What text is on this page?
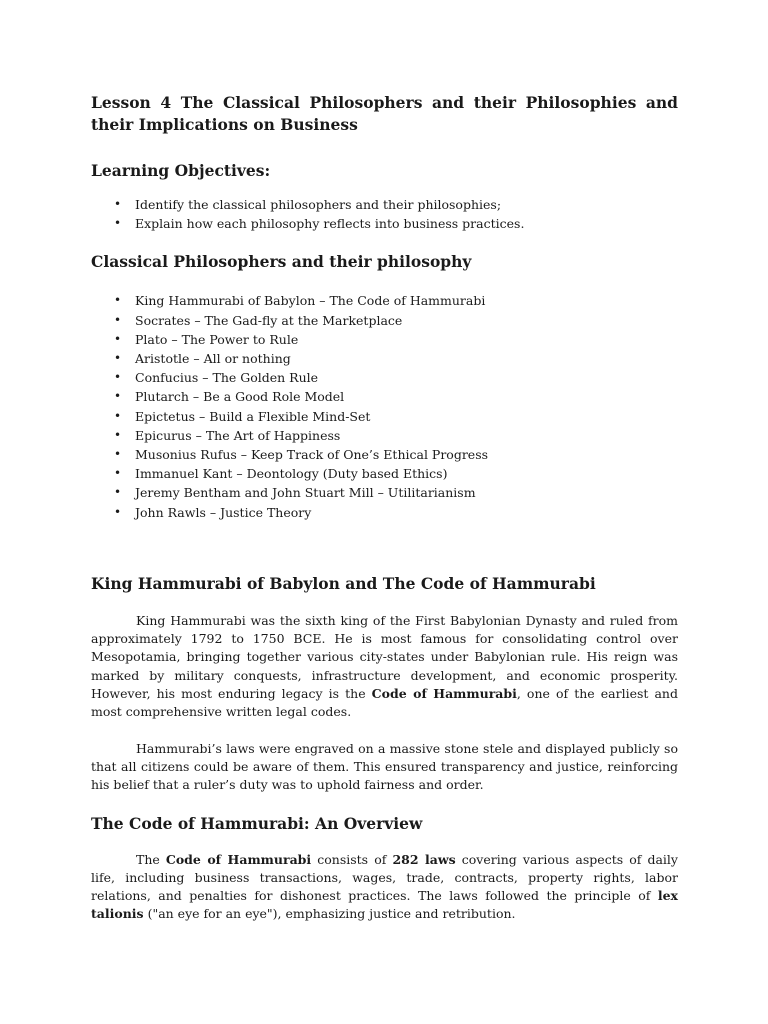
Lesson 4 The Classical Philosophers and their Philosophies and their Implications on Business
Learning Objectives:
• Identify the classical philosophers and their philosophies;
• Explain how each philosophy reflects into business practices.
Classical Philosophers and their philosophy
• King Hammurabi of Babylon – The Code of Hammurabi
• Socrates – The Gad-fly at the Marketplace
• Plato – The Power to Rule
• Aristotle – All or nothing
• Confucius – The Golden Rule
• Plutarch – Be a Good Role Model
• Epictetus – Build a Flexible Mind-Set
• Epicurus – The Art of Happiness
• Musonius Rufus – Keep Track of One’s Ethical Progress
• Immanuel Kant – Deontology (Duty based Ethics)
• Jeremy Bentham and John Stuart Mill – Utilitarianism
• John Rawls – Justice Theory
King Hammurabi of Babylon and The Code of Hammurabi

King Hammurabi was the sixth king of the First Babylonian Dynasty and ruled from approximately 1792 to 1750 BCE. He is most famous for consolidating control over Mesopotamia, bringing together various city-states under Babylonian rule. His reign was marked by military conquests, infrastructure development, and economic prosperity. However, his most enduring legacy is the Code of Hammurabi, one of the earliest and most comprehensive written legal codes.

Hammurabi’s laws were engraved on a massive stone stele and displayed publicly so that all citizens could be aware of them. This ensured transparency and justice, reinforcing his belief that a ruler’s duty was to uphold fairness and order.

The Code of Hammurabi: An Overview

The Code of Hammurabi consists of 282 laws covering various aspects of daily life, including business transactions, wages, trade, contracts, property rights, labor relations, and penalties for dishonest practices. The laws followed the principle of lex talionis ("an eye for an eye"), emphasizing justice and retribution.
